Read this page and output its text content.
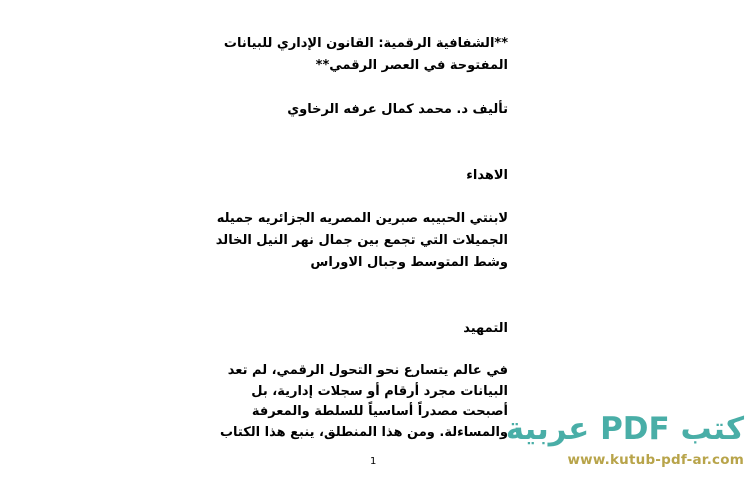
**الشفافية الرقمية: القانون الإداري للبيانات
المفتوحة في العصر الرقمي**
تأليف د. محمد كمال عرفه الرخاوي
الاهداء
لابنتي الحبيبه صبرين المصريه الجزائريه جميله
الجميلات التي تجمع بين جمال نهر النيل الخالد
وشط المتوسط وجبال الاوراس
التمهيد
في عالم يتسارع نحو التحول الرقمي، لم تعد
البيانات مجرد أرقام أو سجلات إدارية، بل
أصبحت مصدراً أساسياً للسلطة والمعرفة
والمساءلة. ومن هذا المنطلق، ينبع هذا الكتاب
1
كتب PDF عربية
www.kutub-pdf-ar.com
